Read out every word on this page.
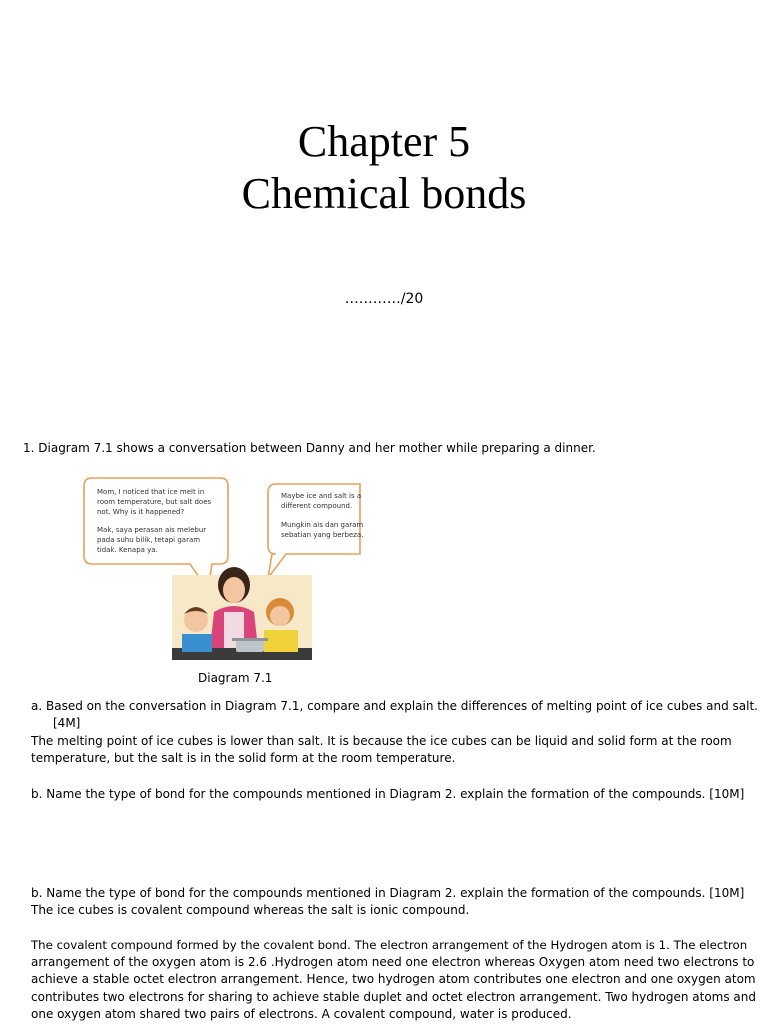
Chapter 5
Chemical bonds
…………/20
1. Diagram 7.1 shows a conversation between Danny and her mother while preparing a dinner.
Mom, I noticed that ice melt in
room temperature, but salt does
not. Why is it happened?
Mak, saya perasan ais melebur
pada suhu bilik, tetapi garam
tidak. Kenapa ya.
Maybe ice and salt is a
different compound.
Mungkin ais dan garam
sebatian yang berbeza.
Diagram 7.1
a. Based on the conversation in Diagram 7.1, compare and explain the differences of melting point of ice cubes and salt.
[4M]
The melting point of ice cubes is lower than salt. It is because the ice cubes can be liquid and solid form at the room
temperature, but the salt is in the solid form at the room temperature.
b. Name the type of bond for the compounds mentioned in Diagram 2. explain the formation of the compounds. [10M]
b. Name the type of bond for the compounds mentioned in Diagram 2. explain the formation of the compounds. [10M]
The ice cubes is covalent compound whereas the salt is ionic compound.
The covalent compound formed by the covalent bond. The electron arrangement of the Hydrogen atom is 1. The electron
arrangement of the oxygen atom is 2.6 .Hydrogen atom need one electron whereas Oxygen atom need two electrons to
achieve a stable octet electron arrangement. Hence, two hydrogen atom contributes one electron and one oxygen atom
contributes two electrons for sharing to achieve stable duplet and octet electron arrangement. Two hydrogen atoms and
one oxygen atom shared two pairs of electrons. A covalent compound, water is produced.
